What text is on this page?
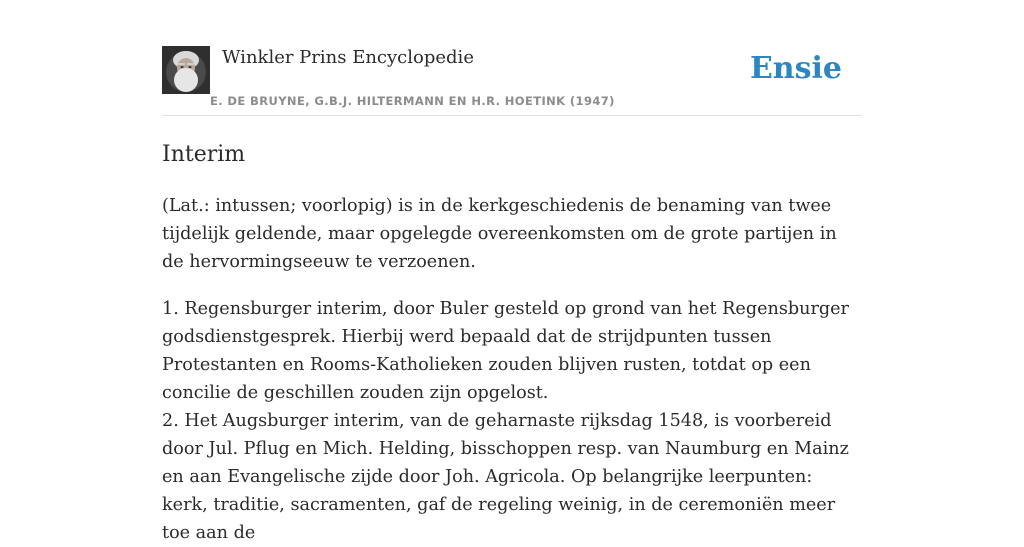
Winkler Prins Encyclopedie
E. DE BRUYNE, G.B.J. HILTERMANN EN H.R. HOETINK (1947)
Ensie
Interim

(Lat.: intussen; voorlopig) is in de kerkgeschiedenis de benaming van twee tijdelijk geldende, maar opgelegde overeenkomsten om de grote partijen in de hervormingseeuw te verzoenen.

1. Regensburger interim, door Buler gesteld op grond van het Regensburger godsdienstgesprek. Hierbij werd bepaald dat de strijdpunten tussen Protestanten en Rooms-Katholieken zouden blijven rusten, totdat op een concilie de geschillen zouden zijn opgelost.
2. Het Augsburger interim, van de geharnaste rijksdag 1548, is voorbereid door Jul. Pflug en Mich. Helding, bisschoppen resp. van Naumburg en Mainz en aan Evangelische zijde door Joh. Agricola. Op belangrijke leerpunten: kerk, traditie, sacramenten, gaf de regeling weinig, in de ceremoniën meer toe aan de
